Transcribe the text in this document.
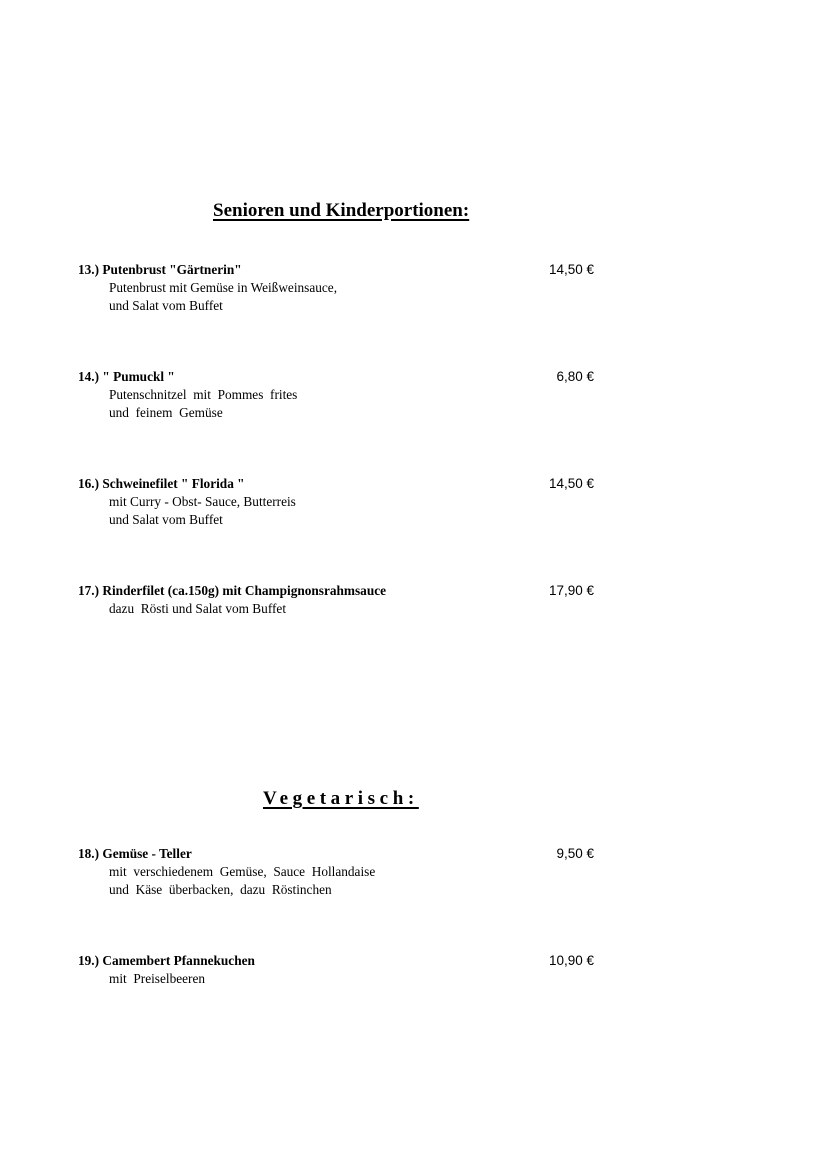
Senioren und Kinderportionen:
13.) Putenbrust "Gärtnerin"	14,50 €
Putenbrust mit Gemüse in Weißweinsauce,
und Salat vom Buffet
14.) " Pumuckl "	6,80 €
Putenschnitzel  mit  Pommes  frites
und  feinem  Gemüse
16.) Schweinefilet " Florida "	14,50 €
mit Curry - Obst- Sauce, Butterreis
und Salat vom Buffet
17.) Rinderfilet (ca.150g) mit Champignonsrahmsauce	17,90 €
dazu  Rösti und Salat vom Buffet
Vegetarisch:
18.) Gemüse - Teller	9,50 €
mit  verschiedenem  Gemüse,  Sauce  Hollandaise
und  Käse  überbacken,  dazu  Röstinchen
19.) Camembert Pfannekuchen	10,90 €
mit  Preiselbeeren
